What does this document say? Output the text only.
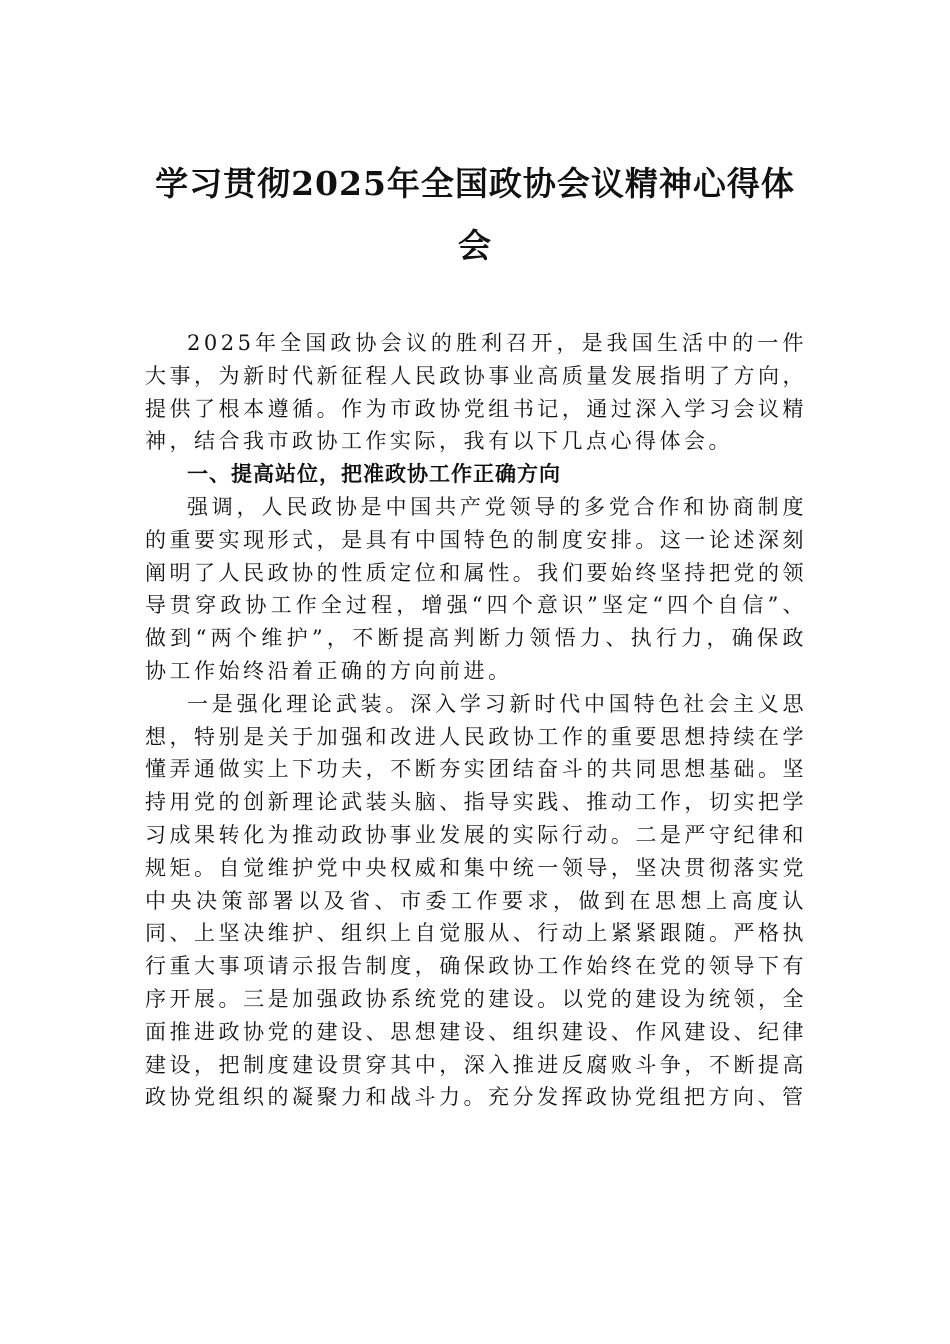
学习贯彻2025年全国政协会议精神心得体会

2025年全国政协会议的胜利召开，是我国生活中的一件大事，为新时代新征程人民政协事业高质量发展指明了方向，提供了根本遵循。作为市政协党组书记，通过深入学习会议精神，结合我市政协工作实际，我有以下几点心得体会。

一、提高站位，把准政协工作正确方向

强调，人民政协是中国共产党领导的多党合作和协商制度的重要实现形式，是具有中国特色的制度安排。这一论述深刻阐明了人民政协的性质定位和属性。我们要始终坚持把党的领导贯穿政协工作全过程，增强“四个意识”坚定“四个自信”、做到“两个维护”，不断提高判断力领悟力、执行力，确保政协工作始终沿着正确的方向前进。

一是强化理论武装。深入学习新时代中国特色社会主义思想，特别是关于加强和改进人民政协工作的重要思想持续在学懂弄通做实上下功夫，不断夯实团结奋斗的共同思想基础。坚持用党的创新理论武装头脑、指导实践、推动工作，切实把学习成果转化为推动政协事业发展的实际行动。二是严守纪律和规矩。自觉维护党中央权威和集中统一领导，坚决贯彻落实党中央决策部署以及省、市委工作要求，做到在思想上高度认同、上坚决维护、组织上自觉服从、行动上紧紧跟随。严格执行重大事项请示报告制度，确保政协工作始终在党的领导下有序开展。三是加强政协系统党的建设。以党的建设为统领，全面推进政协党的建设、思想建设、组织建设、作风建设、纪律建设，把制度建设贯穿其中，深入推进反腐败斗争，不断提高政协党组织的凝聚力和战斗力。充分发挥政协党组把方向、管
